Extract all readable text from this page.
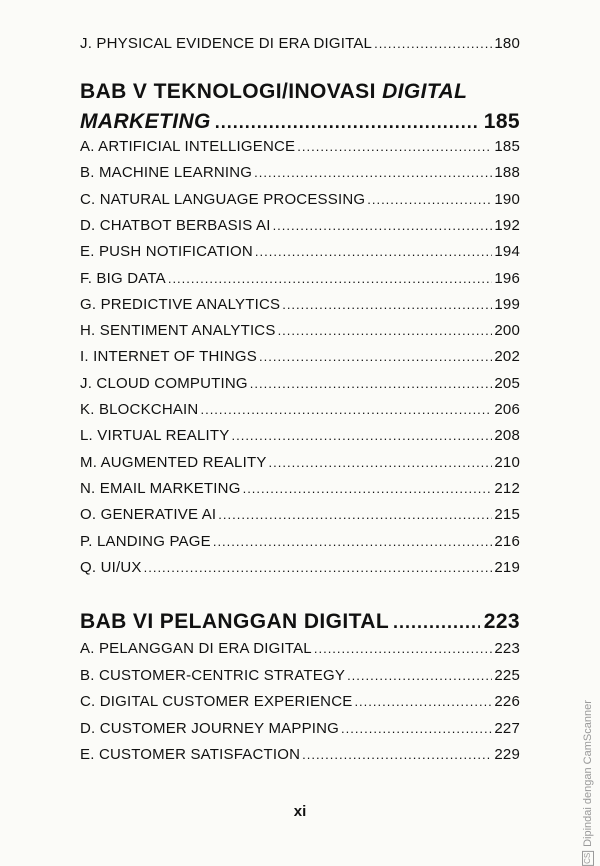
J. PHYSICAL EVIDENCE DI ERA DIGITAL .....	180
BAB V TEKNOLOGI/INOVASI DIGITAL
MARKETING .....	185
A. ARTIFICIAL INTELLIGENCE .....	185
B. MACHINE LEARNING .....	188
C. NATURAL LANGUAGE PROCESSING .....	190
D. CHATBOT BERBASIS AI .....	192
E. PUSH NOTIFICATION .....	194
F. BIG DATA .....	196
G. PREDICTIVE ANALYTICS .....	199
H. SENTIMENT ANALYTICS .....	200
I. INTERNET OF THINGS .....	202
J. CLOUD COMPUTING .....	205
K. BLOCKCHAIN .....	206
L. VIRTUAL REALITY .....	208
M. AUGMENTED REALITY .....	210
N. EMAIL MARKETING .....	212
O. GENERATIVE AI .....	215
P. LANDING PAGE .....	216
Q. UI/UX .....	219
BAB VI PELANGGAN DIGITAL .....	223
A. PELANGGAN DI ERA DIGITAL .....	223
B. CUSTOMER-CENTRIC STRATEGY .....	225
C. DIGITAL CUSTOMER EXPERIENCE .....	226
D. CUSTOMER JOURNEY MAPPING .....	227
E. CUSTOMER SATISFACTION .....	229
xi
CS
Dipindai dengan CamScanner
